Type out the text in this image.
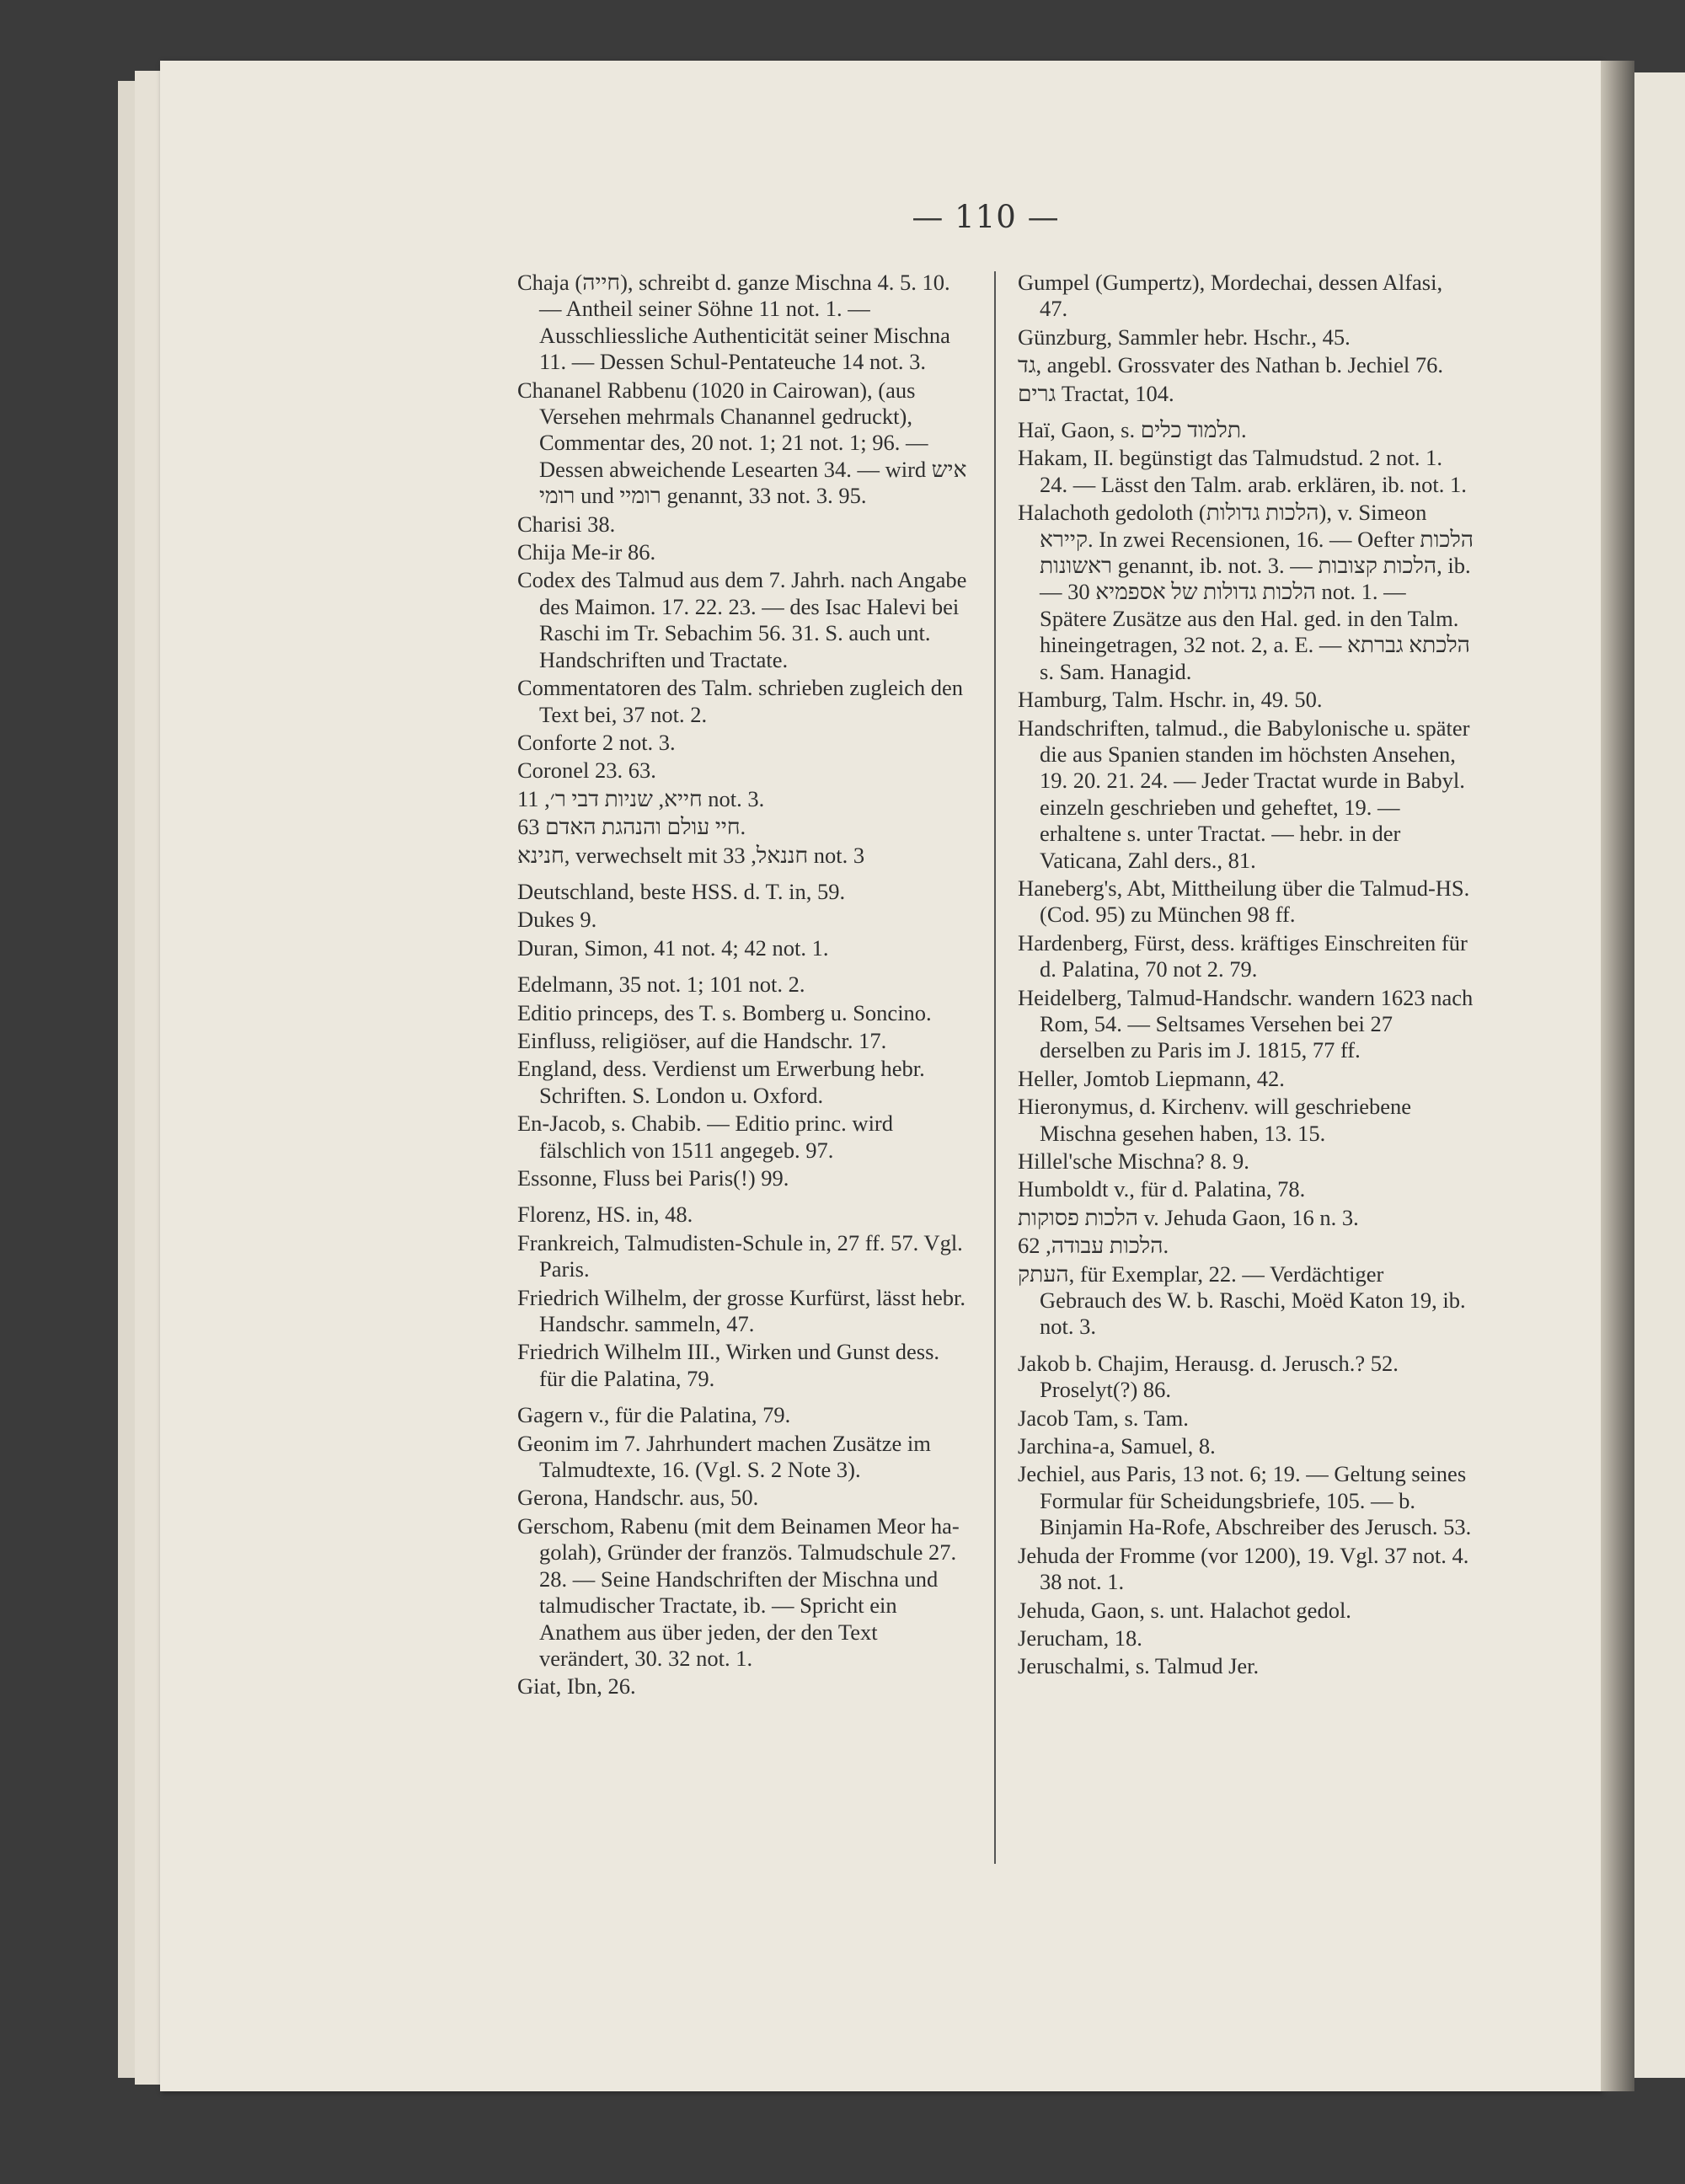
— 110 —
Chaja (חייה), schreibt d. ganze Mischna 4. 5. 10. — Antheil seiner Söhne 11 not. 1. — Ausschliessliche Authenticität seiner Mischna 11. — Dessen Schul-Pentateuche 14 not. 3.
Chananel Rabbenu (1020 in Cairowan), (aus Versehen mehrmals Chanannel gedruckt), Commentar des, 20 not. 1; 21 not. 1; 96. — Dessen abweichende Lesearten 34. — wird איש רומי und רומיי genannt, 33 not. 3. 95.
Charisi 38.
Chija Me-ir 86.
Codex des Talmud aus dem 7. Jahrh. nach Angabe des Maimon. 17. 22. 23. — des Isac Halevi bei Raschi im Tr. Sebachim 56. 31. S. auch unt. Handschriften und Tractate.
Commentatoren des Talm. schrieben zugleich den Text bei, 37 not. 2.
Conforte 2 not. 3.
Coronel 23. 63.
חייא, שניות דבי ר׳, 11 not. 3.
חיי עולם והנהגת האדם 63.
חנינא, verwechselt mit חננאל, 33 not. 3
Deutschland, beste HSS. d. T. in, 59.
Dukes 9.
Duran, Simon, 41 not. 4; 42 not. 1.
Edelmann, 35 not. 1; 101 not. 2.
Editio princeps, des T. s. Bomberg u. Soncino.
Einfluss, religiöser, auf die Handschr. 17.
England, dess. Verdienst um Erwerbung hebr. Schriften. S. London u. Oxford.
En-Jacob, s. Chabib. — Editio princ. wird fälschlich von 1511 angegeb. 97.
Essonne, Fluss bei Paris(!) 99.
Florenz, HS. in, 48.
Frankreich, Talmudisten-Schule in, 27 ff. 57. Vgl. Paris.
Friedrich Wilhelm, der grosse Kurfürst, lässt hebr. Handschr. sammeln, 47.
Friedrich Wilhelm III., Wirken und Gunst dess. für die Palatina, 79.
Gagern v., für die Palatina, 79.
Geonim im 7. Jahrhundert machen Zusätze im Talmudtexte, 16. (Vgl. S. 2 Note 3).
Gerona, Handschr. aus, 50.
Gerschom, Rabenu (mit dem Beinamen Meor ha-golah), Gründer der französ. Talmudschule 27. 28. — Seine Handschriften der Mischna und talmudischer Tractate, ib. — Spricht ein Anathem aus über jeden, der den Text verändert, 30. 32 not. 1.
Giat, Ibn, 26.
Gumpel (Gumpertz), Mordechai, dessen Alfasi, 47.
Günzburg, Sammler hebr. Hschr., 45.
גד, angebl. Grossvater des Nathan b. Jechiel 76.
גרים Tractat, 104.
Haï, Gaon, s. תלמוד כלים.
Hakam, II. begünstigt das Talmudstud. 2 not. 1. 24. — Lässt den Talm. arab. erklären, ib. not. 1.
Halachoth gedoloth (הלכות גדולות), v. Simeon קיירא. In zwei Recensionen, 16. — Oefter הלכות ראשונות genannt, ib. not. 3. — הלכות קצובות, ib. — הלכות גדולות של אספמיא 30 not. 1. — Spätere Zusätze aus den Hal. ged. in den Talm. hineingetragen, 32 not. 2, a. E. — הלכתא גברתא s. Sam. Hanagid.
Hamburg, Talm. Hschr. in, 49. 50.
Handschriften, talmud., die Babylonische u. später die aus Spanien standen im höchsten Ansehen, 19. 20. 21. 24. — Jeder Tractat wurde in Babyl. einzeln geschrieben und geheftet, 19. — erhaltene s. unter Tractat. — hebr. in der Vaticana, Zahl ders., 81.
Haneberg's, Abt, Mittheilung über die Talmud-HS. (Cod. 95) zu München 98 ff.
Hardenberg, Fürst, dess. kräftiges Einschreiten für d. Palatina, 70 not 2. 79.
Heidelberg, Talmud-Handschr. wandern 1623 nach Rom, 54. — Seltsames Versehen bei 27 derselben zu Paris im J. 1815, 77 ff.
Heller, Jomtob Liepmann, 42.
Hieronymus, d. Kirchenv. will geschriebene Mischna gesehen haben, 13. 15.
Hillel'sche Mischna? 8. 9.
Humboldt v., für d. Palatina, 78.
הלכות פסוקות v. Jehuda Gaon, 16 n. 3.
הלכות עבודה, 62.
העתק, für Exemplar, 22. — Verdächtiger Gebrauch des W. b. Raschi, Moëd Katon 19, ib. not. 3.
Jakob b. Chajim, Herausg. d. Jerusch.? 52. Proselyt(?) 86.
Jacob Tam, s. Tam.
Jarchina-a, Samuel, 8.
Jechiel, aus Paris, 13 not. 6; 19. — Geltung seines Formular für Scheidungsbriefe, 105. — b. Binjamin Ha-Rofe, Abschreiber des Jerusch. 53.
Jehuda der Fromme (vor 1200), 19. Vgl. 37 not. 4. 38 not. 1.
Jehuda, Gaon, s. unt. Halachot gedol.
Jerucham, 18.
Jeruschalmi, s. Talmud Jer.
